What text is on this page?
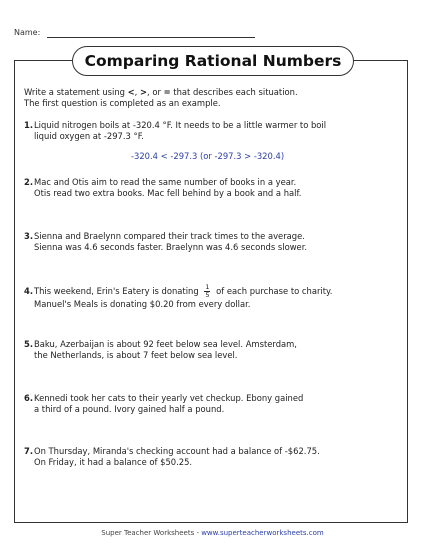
Name:
Comparing Rational Numbers
Write a statement using <, >, or = that describes each situation.
The first question is completed as an example.
1.Liquid nitrogen boils at -320.4 °F. It needs to be a little warmer to boil
liquid oxygen at -297.3 °F.
-320.4 < -297.3 (or -297.3 > -320.4)
2.Mac and Otis aim to read the same number of books in a year.
Otis read two extra books. Mac fell behind by a book and a half.
3.Sienna and Braelynn compared their track times to the average.
Sienna was 4.6 seconds faster. Braelynn was 4.6 seconds slower.
4.This weekend, Erin's Eatery is donating $\frac{1}{5}$ of each purchase to charity.
Manuel's Meals is donating $0.20 from every dollar.
5.Baku, Azerbaijan is about 92 feet below sea level. Amsterdam,
the Netherlands, is about 7 feet below sea level.
6.Kennedi took her cats to their yearly vet checkup. Ebony gained
a third of a pound. Ivory gained half a pound.
7.On Thursday, Miranda's checking account had a balance of -$62.75.
On Friday, it had a balance of $50.25.
Super Teacher Worksheets - www.superteacherworksheets.com
